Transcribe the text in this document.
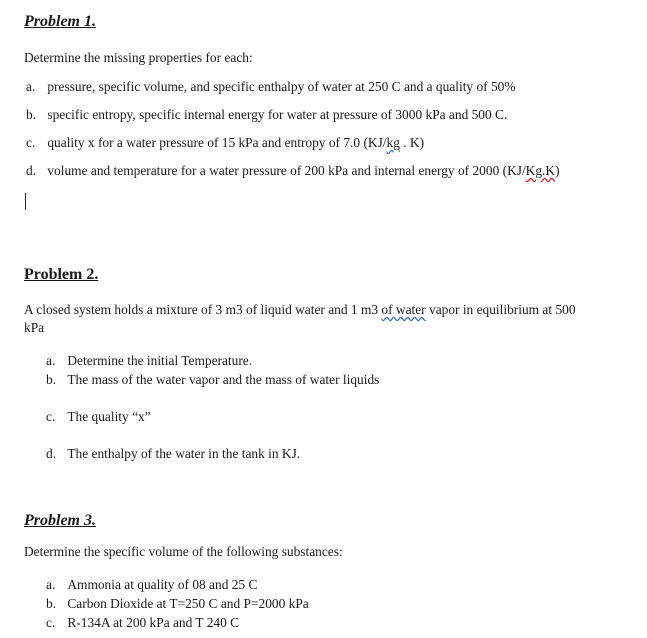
Problem 1.
Determine the missing properties for each:
a. pressure, specific volume, and specific enthalpy of water at 250 C and a quality of 50%
b. specific entropy, specific internal energy for water at pressure of 3000 kPa and 500 C.
c. quality x for a water pressure of 15 kPa and entropy of 7.0 (KJ/kg . K)
d. volume and temperature for a water pressure of 200 kPa and internal energy of 2000 (KJ/Kg.K)
Problem 2.
A closed system holds a mixture of 3 m3 of liquid water and 1 m3 of water vapor in equilibrium at 500
kPa
a. Determine the initial Temperature.
b. The mass of the water vapor and the mass of water liquids
c. The quality “x”
d. The enthalpy of the water in the tank in KJ.
Problem 3.
Determine the specific volume of the following substances:
a. Ammonia at quality of 08 and 25 C
b. Carbon Dioxide at T=250 C and P=2000 kPa
c. R-134A at 200 kPa and T 240 C
